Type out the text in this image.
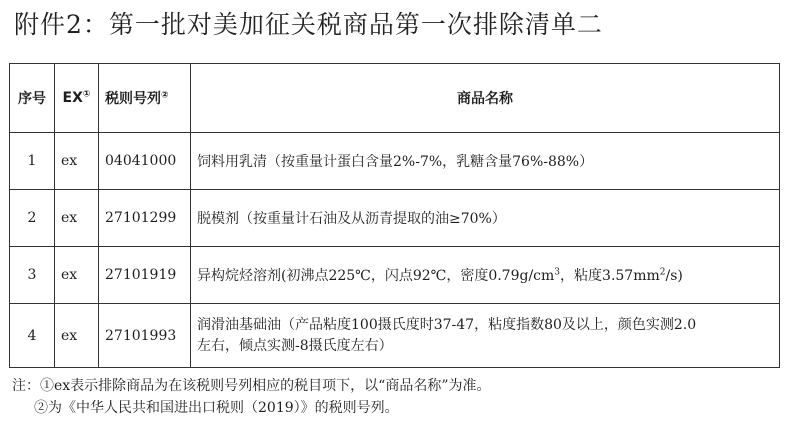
附件2：第一批对美加征关税商品第一次排除清单二
序号	EX①	税则号列②	商品名称
1	ex	04041000	饲料用乳清（按重量计蛋白含量2%-7%，乳糖含量76%-88%）
2	ex	27101299	脱模剂（按重量计石油及从沥青提取的油≥70%）
3	ex	27101919	异构烷烃溶剂(初沸点225℃，闪点92℃，密度$0.79g/cm^3$，粘度$3.57mm^2/s$)
4	ex	27101993	润滑油基础油（产品粘度100摄氏度时37-47，粘度指数80及以上，颜色实测2.0
左右，倾点实测-8摄氏度左右）
注：①ex表示排除商品为在该税则号列相应的税目项下，以“商品名称”为准。
②为《中华人民共和国进出口税则（2019）》的税则号列。
